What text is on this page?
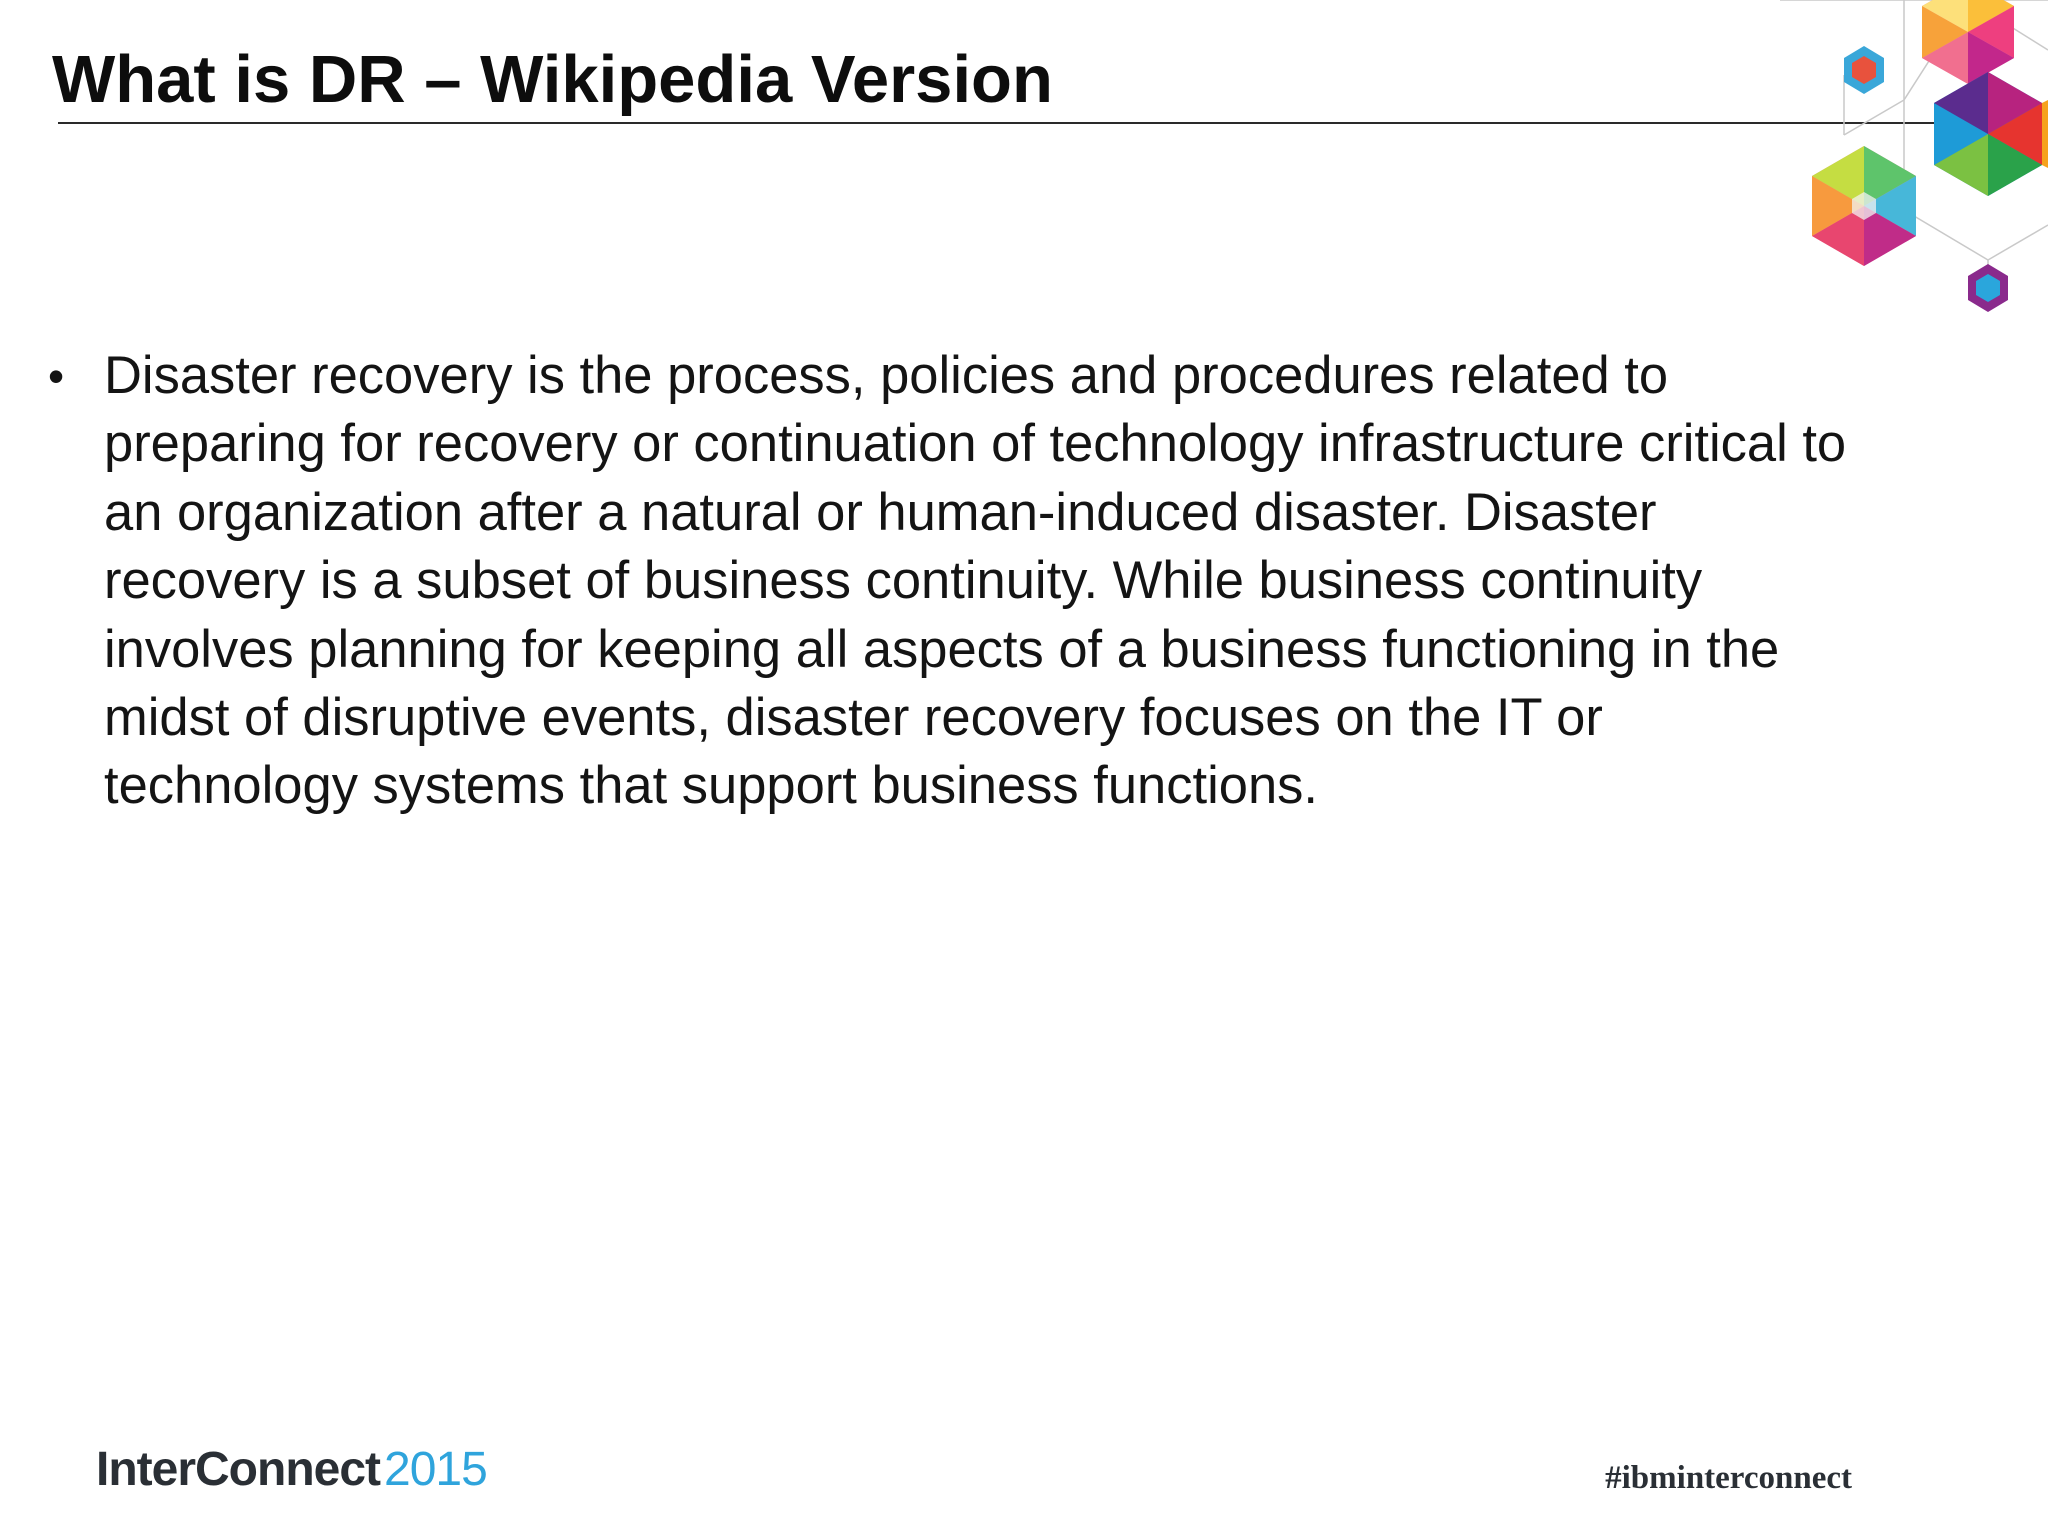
What is DR – Wikipedia Version
• Disaster recovery is the process, policies and procedures related to
preparing for recovery or continuation of technology infrastructure critical to
an organization after a natural or human-induced disaster. Disaster
recovery is a subset of business continuity. While business continuity
involves planning for keeping all aspects of a business functioning in the
midst of disruptive events, disaster recovery focuses on the IT or
technology systems that support business functions.
InterConnect2015	#ibminterconnect
